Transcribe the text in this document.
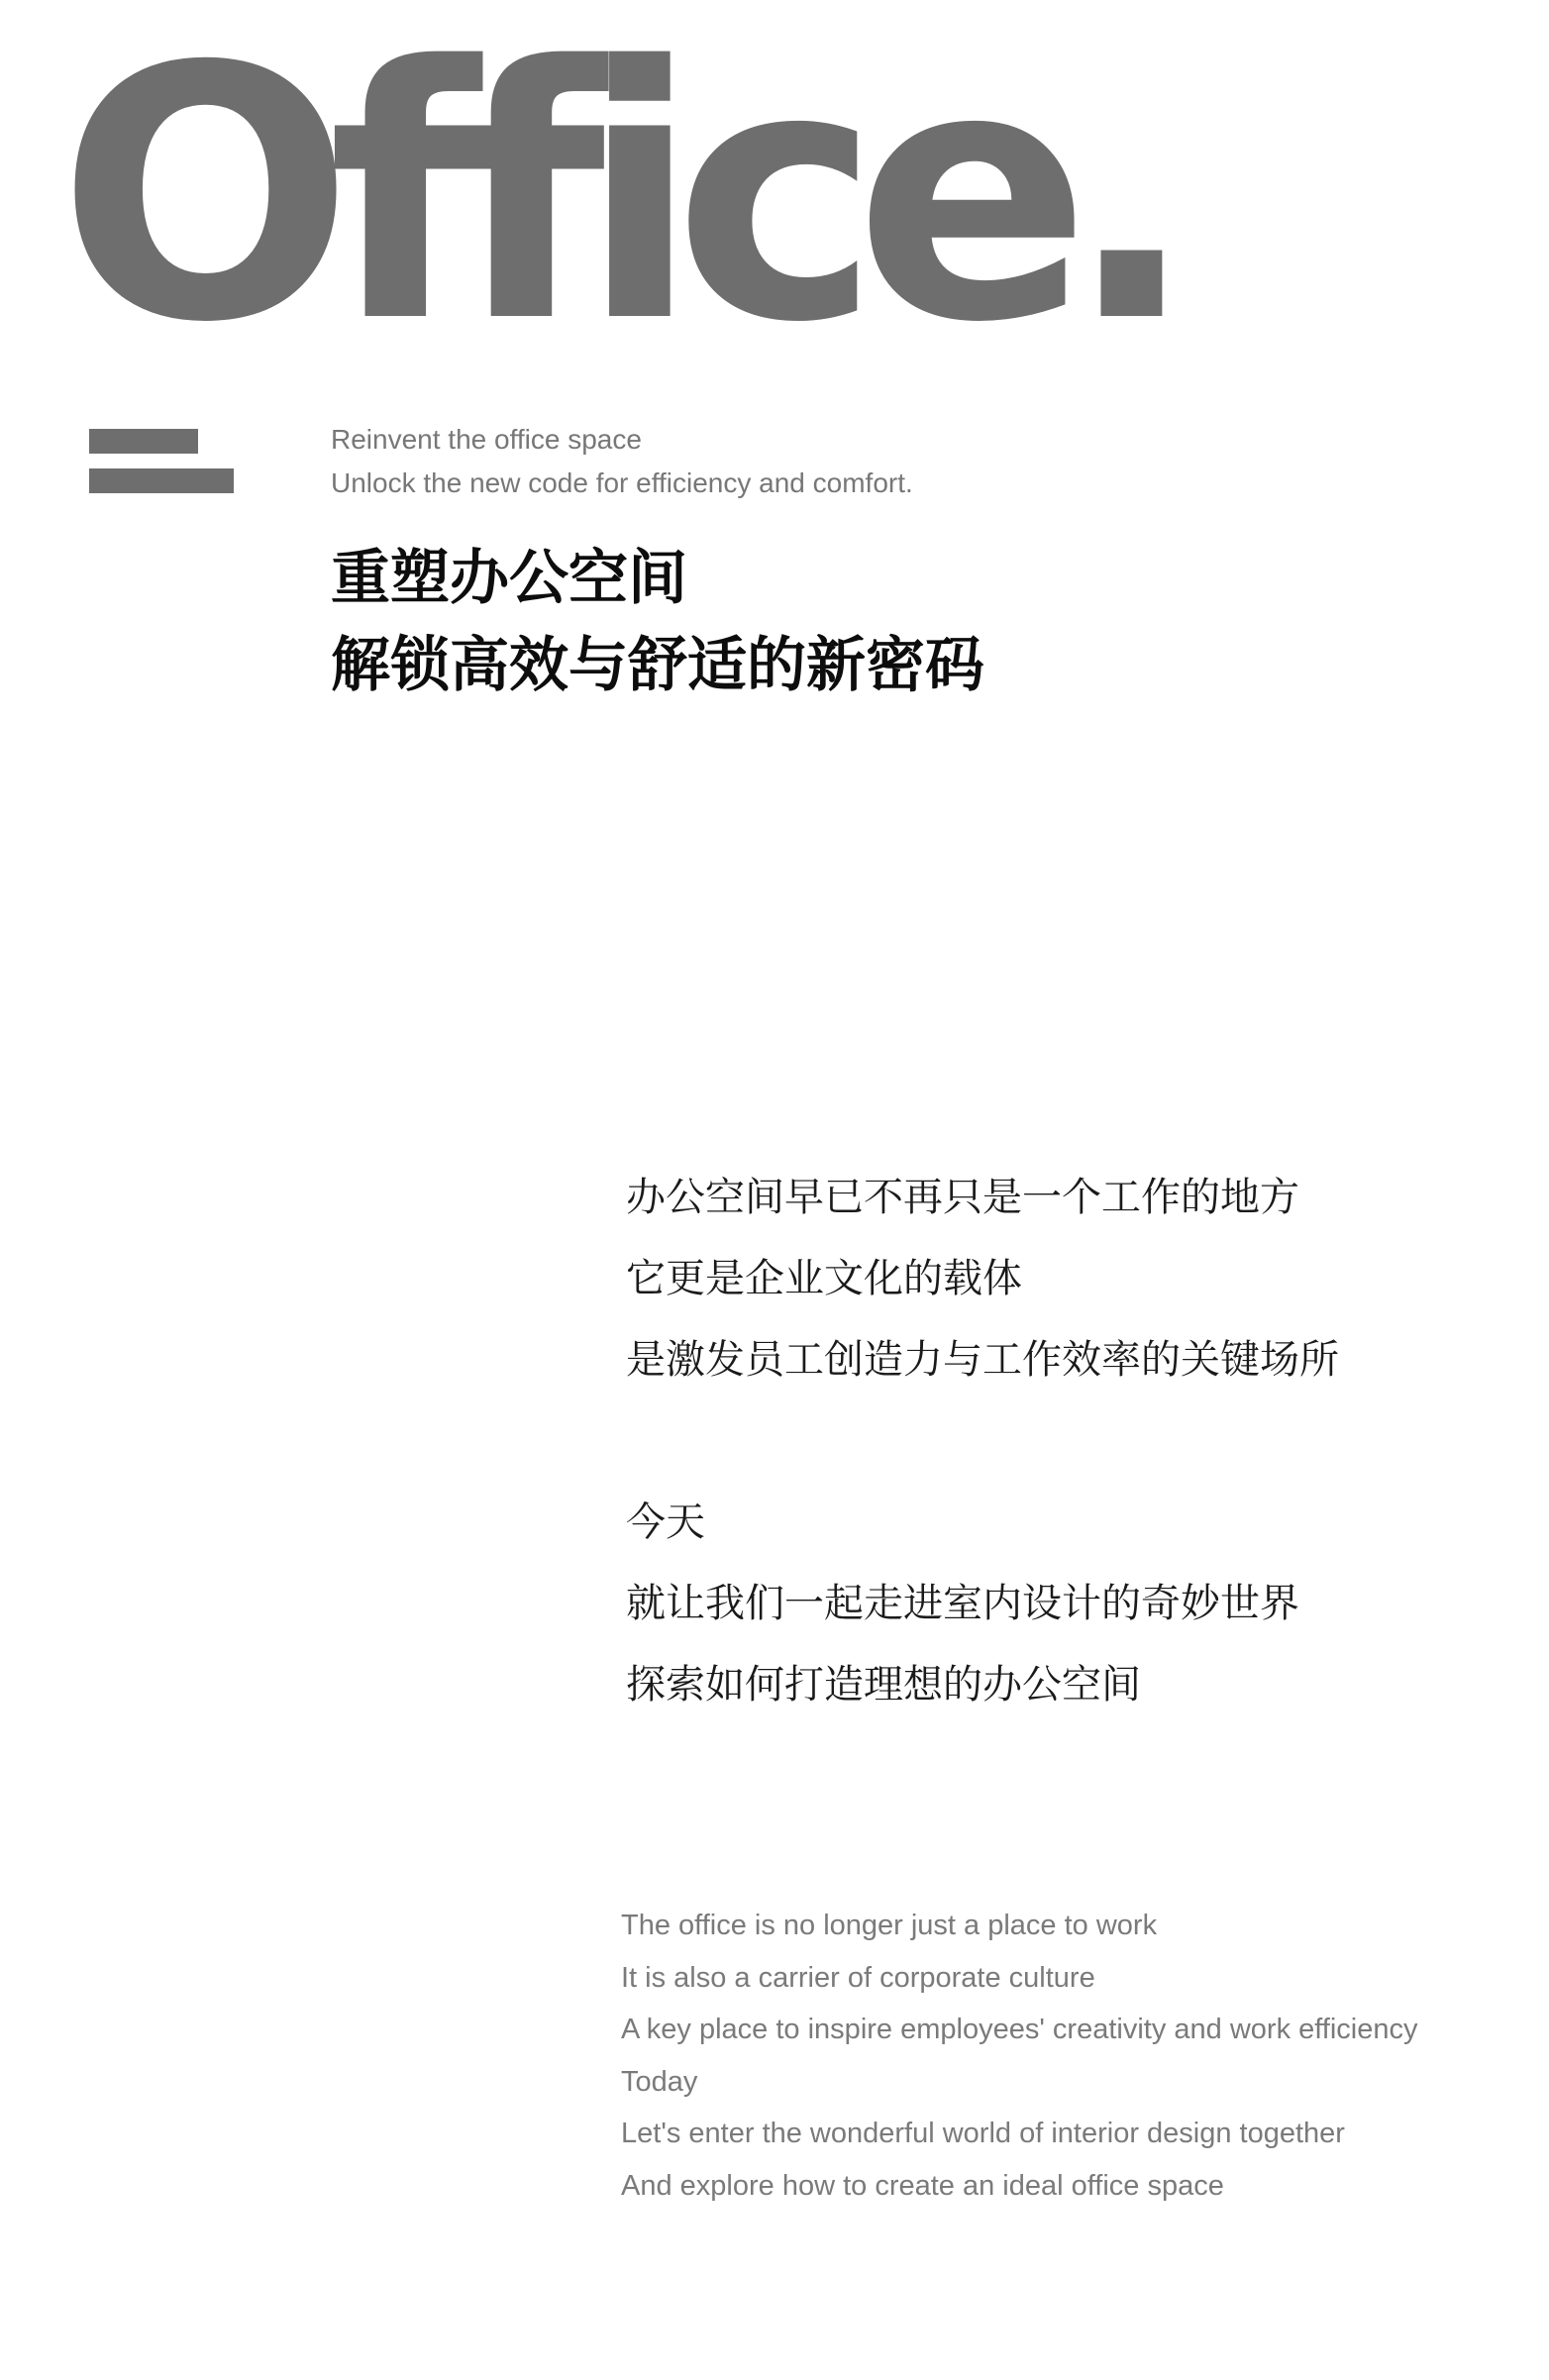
Office.
Reinvent the office space
Unlock the new code for efficiency and comfort.
重塑办公空间
解锁高效与舒适的新密码
办公空间早已不再只是一个工作的地方
它更是企业文化的载体
是激发员工创造力与工作效率的关键场所
今天
就让我们一起走进室内设计的奇妙世界
探索如何打造理想的办公空间
The office is no longer just a place to work
It is also a carrier of corporate culture
A key place to inspire employees' creativity and work efficiency
Today
Let's enter the wonderful world of interior design together
And explore how to create an ideal office space
